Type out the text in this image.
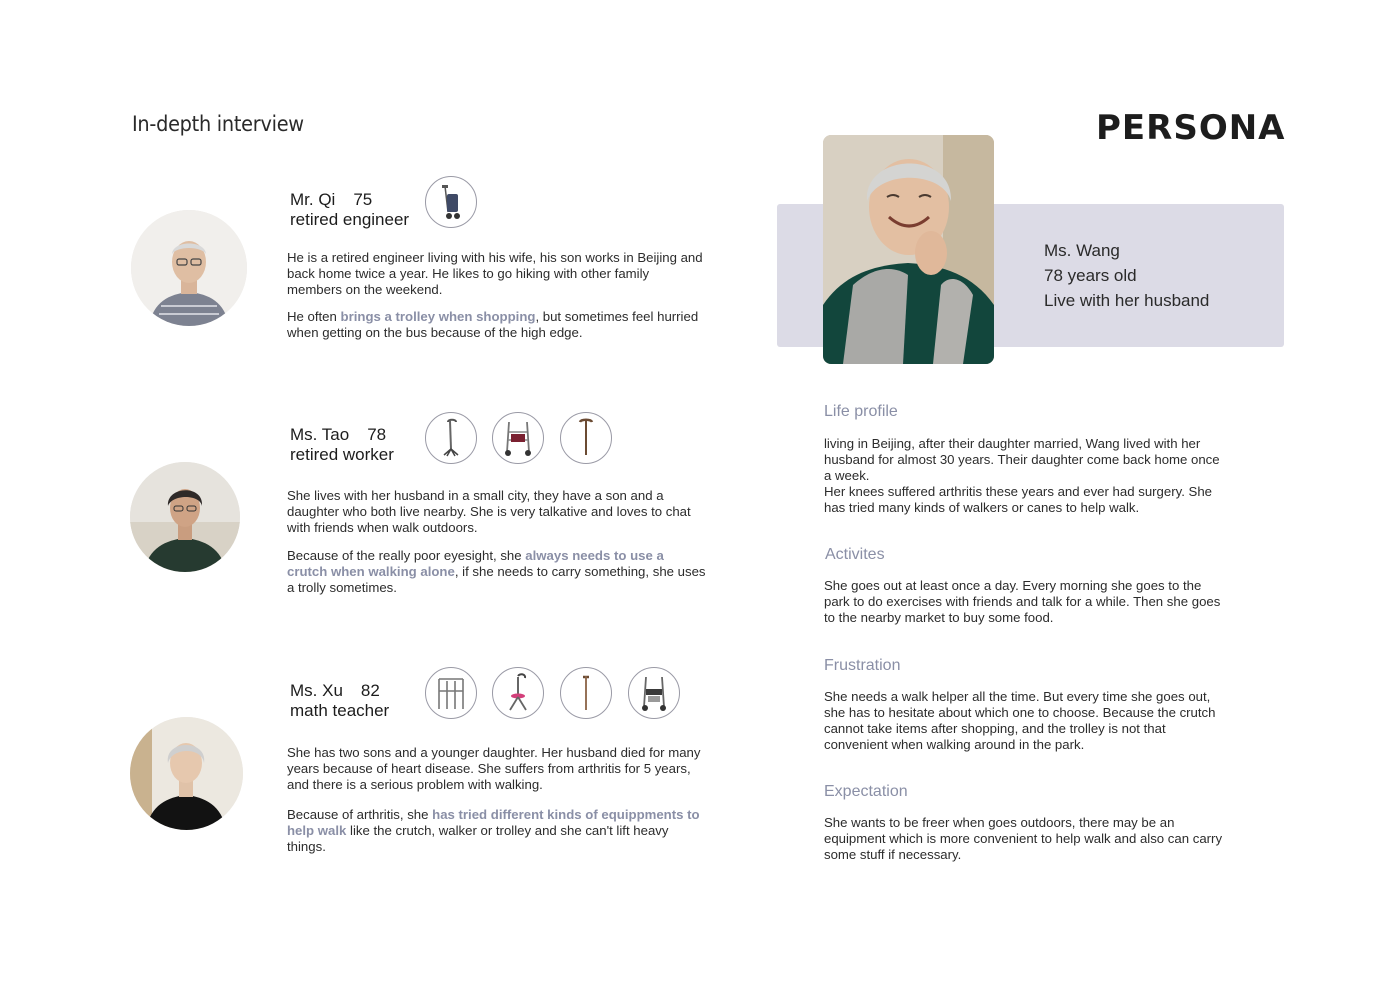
In-depth interview	PERSONA
Mr. Qi 75
retired engineer
He is a retired engineer living with his wife, his son works in Beijing and back home twice a year. He likes to go hiking with other family members on the weekend.
He often brings a trolley when shopping, but sometimes feel hurried when getting on the bus because of the high edge.
Ms. Tao 78
retired worker
She lives with her husband in a small city, they have a son and a daughter who both live nearby. She is very talkative and loves to chat with friends when walk outdoors.
Because of the really poor eyesight, she always needs to use a crutch when walking alone, if she needs to carry something, she uses a trolly sometimes.
Ms. Xu 82
math teacher
She has two sons and a younger daughter. Her husband died for many years because of heart disease. She suffers from arthritis for 5 years, and there is a serious problem with walking.
Because of arthritis, she has tried different kinds of equippments to help walk like the crutch, walker or trolley and she can't lift heavy things.
Ms. Wang
78 years old
Live with her husband
Life profile
living in Beijing, after their daughter married, Wang lived with her husband for almost 30 years. Their daughter come back home once a week.
Her knees suffered arthritis these years and ever had surgery. She has tried many kinds of walkers or canes to help walk.
Activites
She goes out at least once a day. Every morning she goes to the park to do exercises with friends and talk for a while. Then she goes to the nearby market to buy some food.
Frustration
She needs a walk helper all the time. But every time she goes out, she has to hesitate about which one to choose. Because the crutch cannot take items after shopping, and the trolley is not that convenient when walking around in the park.
Expectation
She wants to be freer when goes outdoors, there may be an equipment which is more convenient to help walk and also can carry some stuff if necessary.
